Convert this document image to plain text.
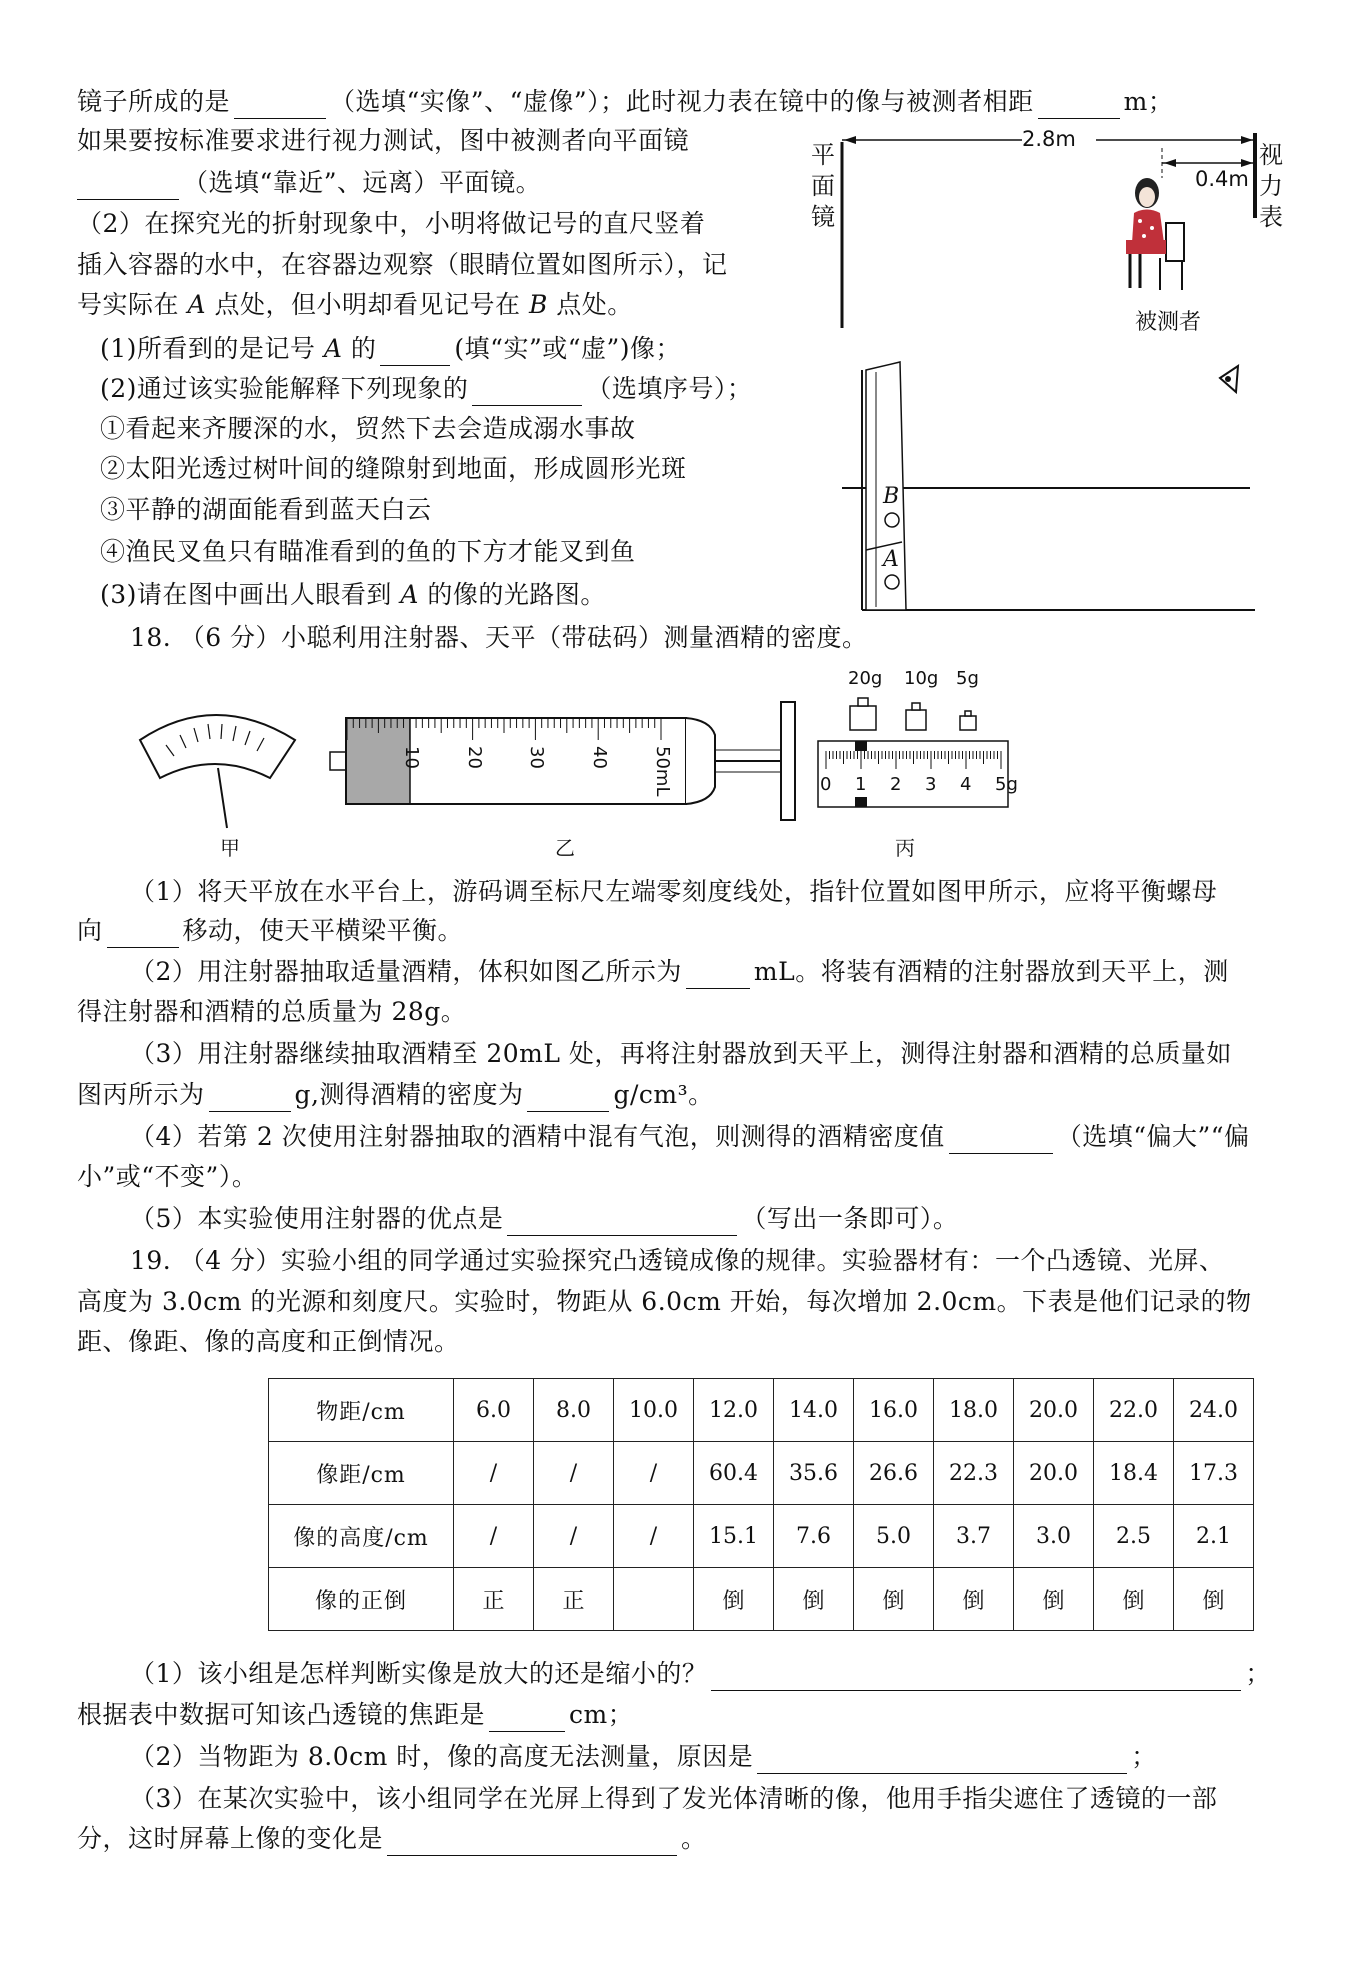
镜子所成的是	（选填“实像”、“虚像”）；此时视力表在镜中的像与被测者相距	m；
如果要按标准要求进行视力测试，图中被测者向平面镜
（选填“靠近”、远离）平面镜。
（2）在探究光的折射现象中，小明将做记号的直尺竖着
插入容器的水中，在容器边观察（眼睛位置如图所示），记
号实际在 A 点处，但小明却看见记号在 B 点处。
(1)所看到的是记号 A 的	(填“实”或“虚”)像；
(2)通过该实验能解释下列现象的	（选填序号）；
①看起来齐腰深的水，贸然下去会造成溺水事故
②太阳光透过树叶间的缝隙射到地面，形成圆形光斑
③平静的湖面能看到蓝天白云
④渔民叉鱼只有瞄准看到的鱼的下方才能叉到鱼
(3)请在图中画出人眼看到 A 的像的光路图。
2.8m
0.4m
平面镜
视力表
被测者
B
A
18. （6 分）小聪利用注射器、天平（带砝码）测量酒精的密度。
10 20 30 40 50mL
20g 10g 5g
0 1 2 3 4 5g
甲	乙	丙
（1）将天平放在水平台上，游码调至标尺左端零刻度线处，指针位置如图甲所示，应将平衡螺母
向	移动，使天平横梁平衡。
（2）用注射器抽取适量酒精，体积如图乙所示为	mL。将装有酒精的注射器放到天平上，测
得注射器和酒精的总质量为 28g。
（3）用注射器继续抽取酒精至 20mL 处，再将注射器放到天平上，测得注射器和酒精的总质量如
图丙所示为	g,测得酒精的密度为	g/cm³。
（4）若第 2 次使用注射器抽取的酒精中混有气泡，则测得的酒精密度值	（选填“偏大”“偏
小”或“不变”）。
（5）本实验使用注射器的优点是	（写出一条即可）。
19. （4 分）实验小组的同学通过实验探究凸透镜成像的规律。实验器材有：一个凸透镜、光屏、
高度为 3.0cm 的光源和刻度尺。实验时，物距从 6.0cm 开始，每次增加 2.0cm。下表是他们记录的物
距、像距、像的高度和正倒情况。
物距/cm	6.0	8.0	10.0	12.0	14.0	16.0	18.0	20.0	22.0	24.0
像距/cm	/	/	/	60.4	35.6	26.6	22.3	20.0	18.4	17.3
像的高度/cm	/	/	/	15.1	7.6	5.0	3.7	3.0	2.5	2.1
像的正倒	正	正		倒	倒	倒	倒	倒	倒	倒
（1）该小组是怎样判断实像是放大的还是缩小的？	；
根据表中数据可知该凸透镜的焦距是	cm；
（2）当物距为 8.0cm 时，像的高度无法测量，原因是	；
（3）在某次实验中，该小组同学在光屏上得到了发光体清晰的像，他用手指尖遮住了透镜的一部
分，这时屏幕上像的变化是	。
